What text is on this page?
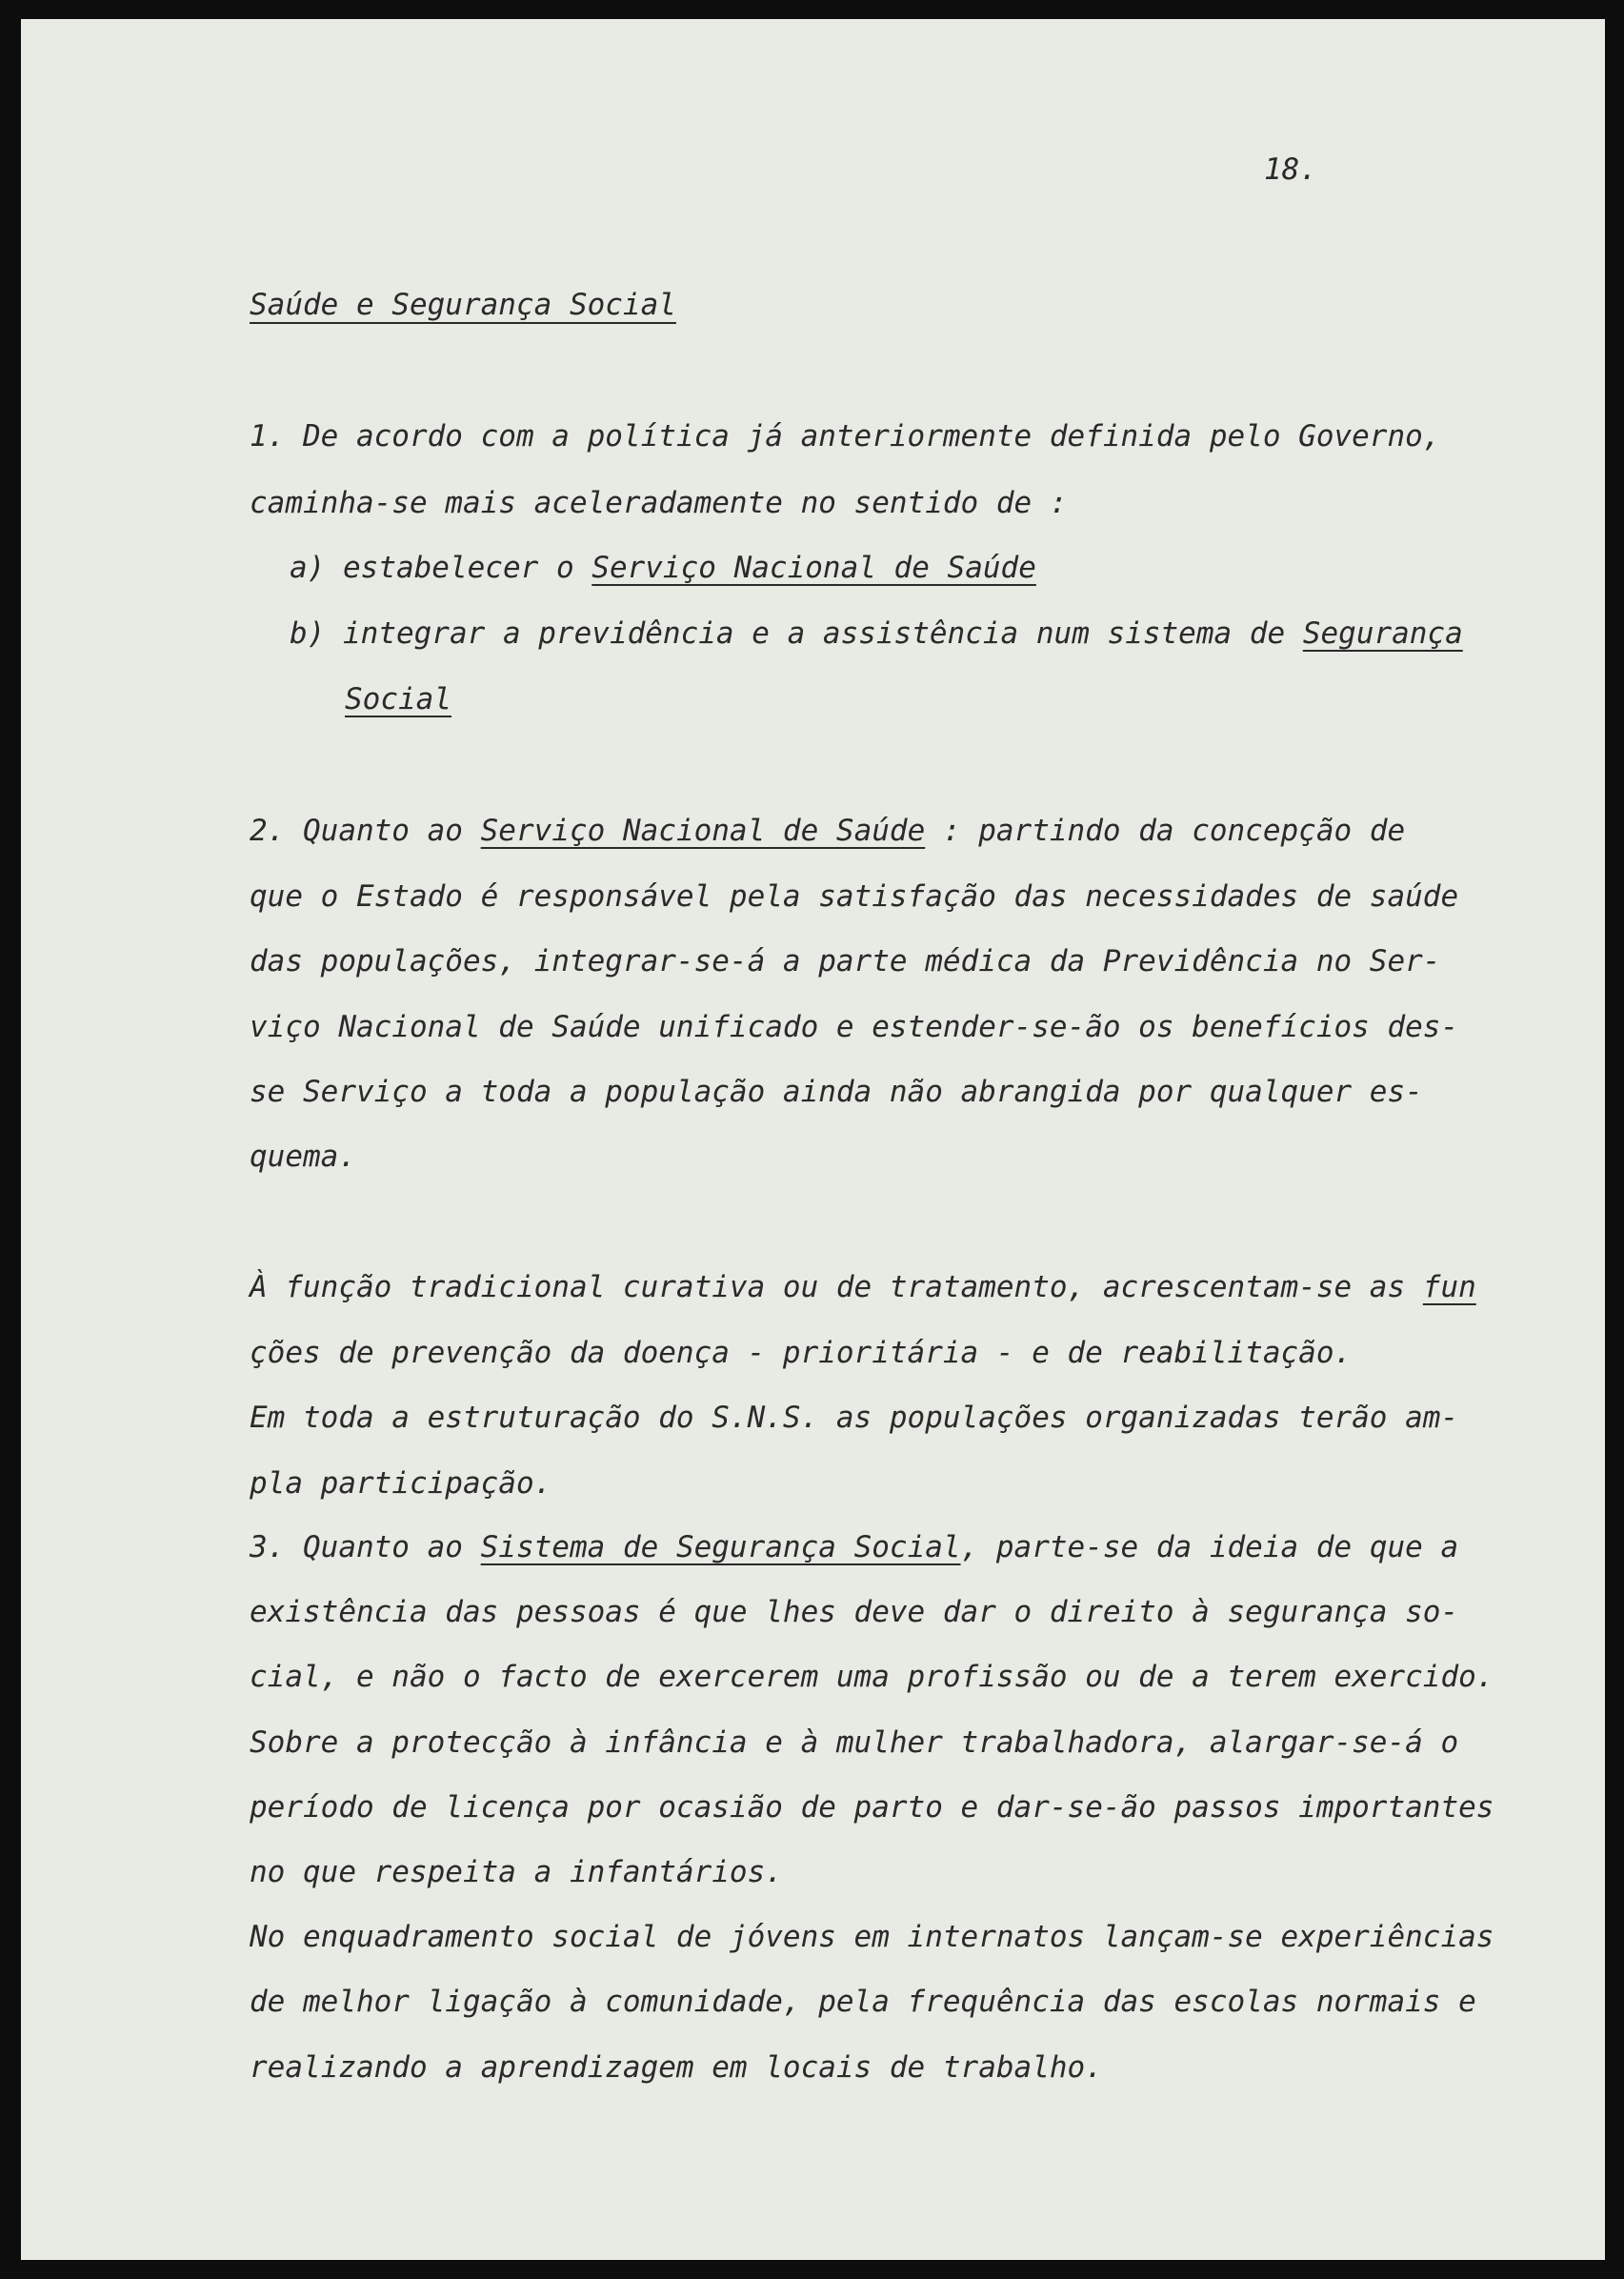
18.
Saúde e Segurança Social
1. De acordo com a política já anteriormente definida pelo Governo,
caminha-se mais aceleradamente no sentido de :
a) estabelecer o Serviço Nacional de Saúde
b) integrar a previdência e a assistência num sistema de Segurança
Social
2. Quanto ao Serviço Nacional de Saúde : partindo da concepção de
que o Estado é responsável pela satisfação das necessidades de saúde
das populações, integrar-se-á a parte médica da Previdência no Ser-
viço Nacional de Saúde unificado e estender-se-ão os benefícios des-
se Serviço a toda a população ainda não abrangida por qualquer es-
quema.
À função tradicional curativa ou de tratamento, acrescentam-se as fun
ções de prevenção da doença - prioritária - e de reabilitação.
Em toda a estruturação do S.N.S. as populações organizadas terão am-
pla participação.
3. Quanto ao Sistema de Segurança Social, parte-se da ideia de que a
existência das pessoas é que lhes deve dar o direito à segurança so-
cial, e não o facto de exercerem uma profissão ou de a terem exercido.
Sobre a protecção à infância e à mulher trabalhadora, alargar-se-á o
período de licença por ocasião de parto e dar-se-ão passos importantes
no que respeita a infantários.
No enquadramento social de jóvens em internatos lançam-se experiências
de melhor ligação à comunidade, pela frequência das escolas normais e
realizando a aprendizagem em locais de trabalho.
